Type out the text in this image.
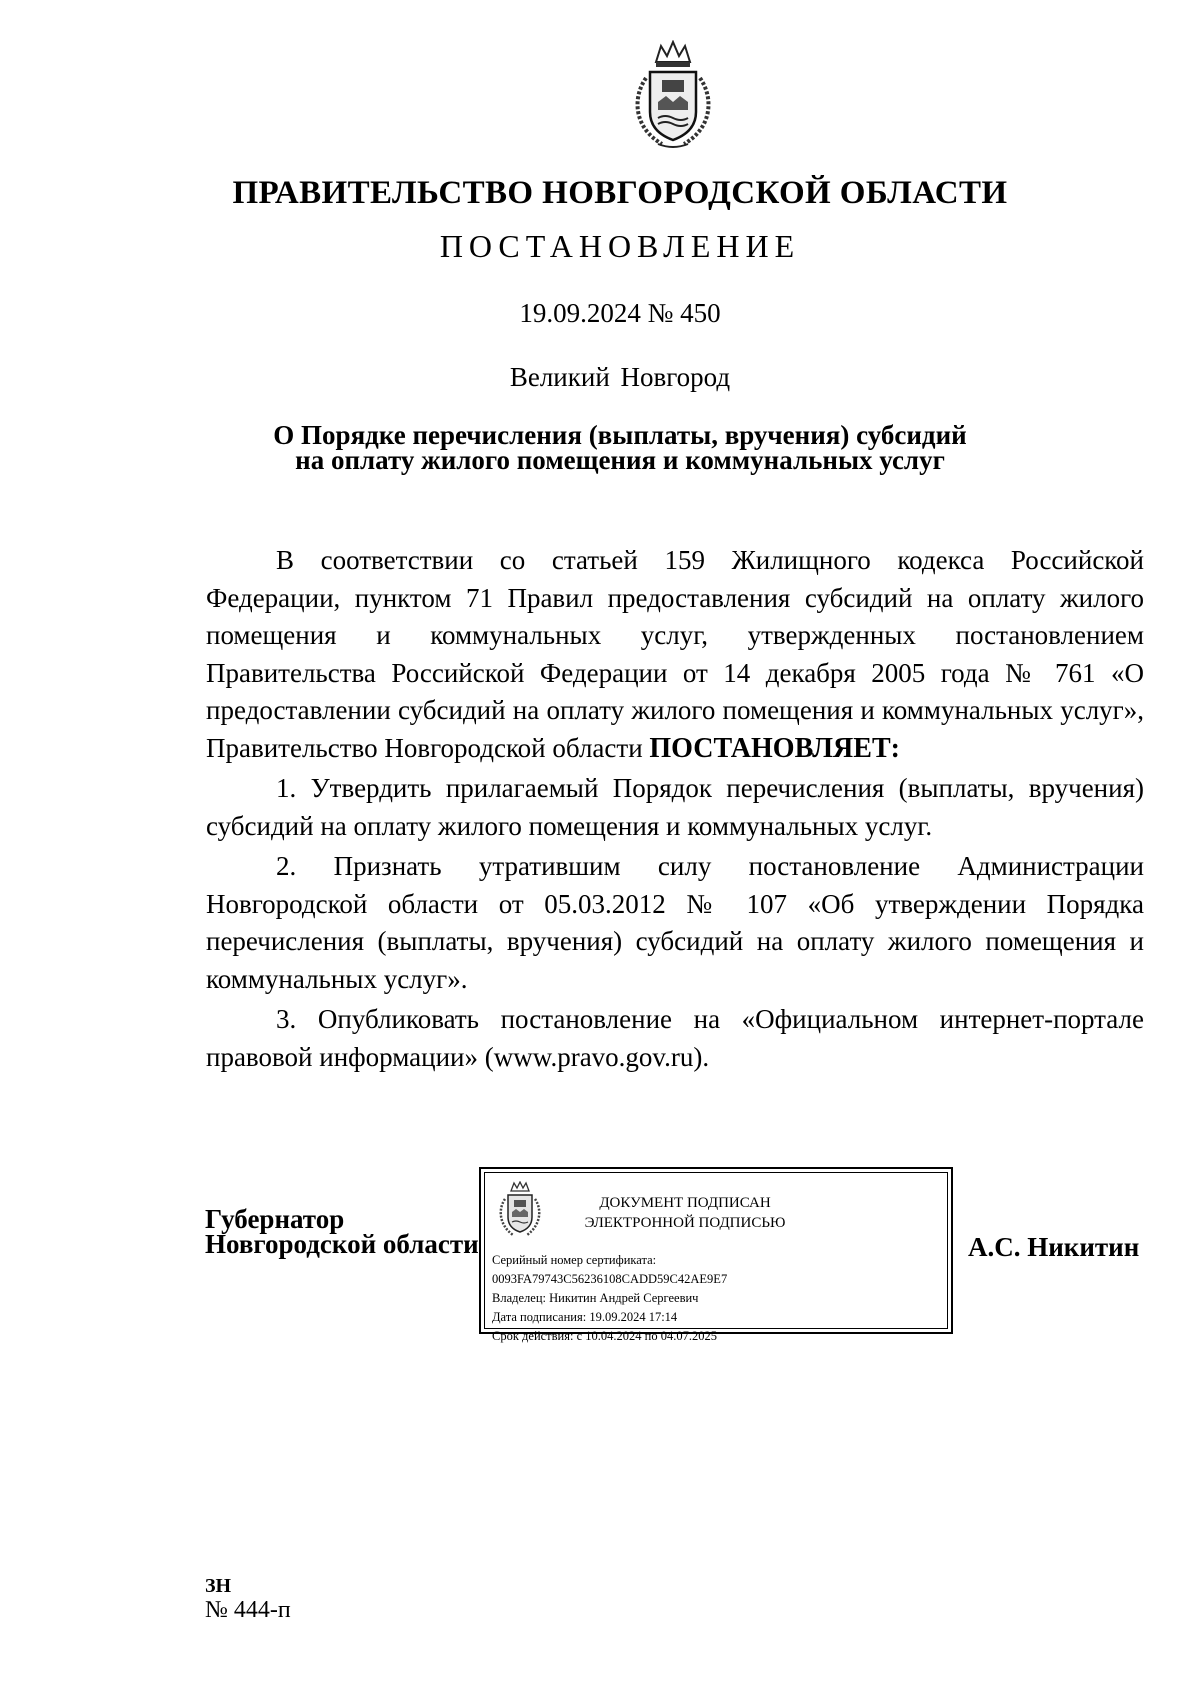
ПРАВИТЕЛЬСТВО НОВГОРОДСКОЙ ОБЛАСТИ
ПОСТАНОВЛЕНИЕ
19.09.2024 № 450
Великий Новгород
О Порядке перечисления (выплаты, вручения) субсидий
на оплату жилого помещения и коммунальных услуг

В соответствии со статьей 159 Жилищного кодекса Российской Федерации, пунктом 71 Правил предоставления субсидий на оплату жилого помещения и коммунальных услуг, утвержденных постановлением Правительства Российской Федерации от 14 декабря 2005 года № 761 «О предоставлении субсидий на оплату жилого помещения и коммунальных услуг», Правительство Новгородской области ПОСТАНОВЛЯЕТ:

1. Утвердить прилагаемый Порядок перечисления (выплаты, вручения) субсидий на оплату жилого помещения и коммунальных услуг.

2. Признать утратившим силу постановление Администрации Новгородской области от 05.03.2012 № 107 «Об утверждении Порядка перечисления (выплаты, вручения) субсидий на оплату жилого помещения и коммунальных услуг».

3. Опубликовать постановление на «Официальном интернет-портале правовой информации» (www.pravo.gov.ru).

Губернатор
Новгородской области
ДОКУМЕНТ ПОДПИСАН
ЭЛЕКТРОННОЙ ПОДПИСЬЮ
Серийный номер сертификата:
0093FA79743C56236108CADD59C42AE9E7
Владелец: Никитин Андрей Сергеевич
Дата подписания: 19.09.2024 17:14
Срок действия: с 10.04.2024 по 04.07.2025
А.С. Никитин
ЗН
№ 444-п
